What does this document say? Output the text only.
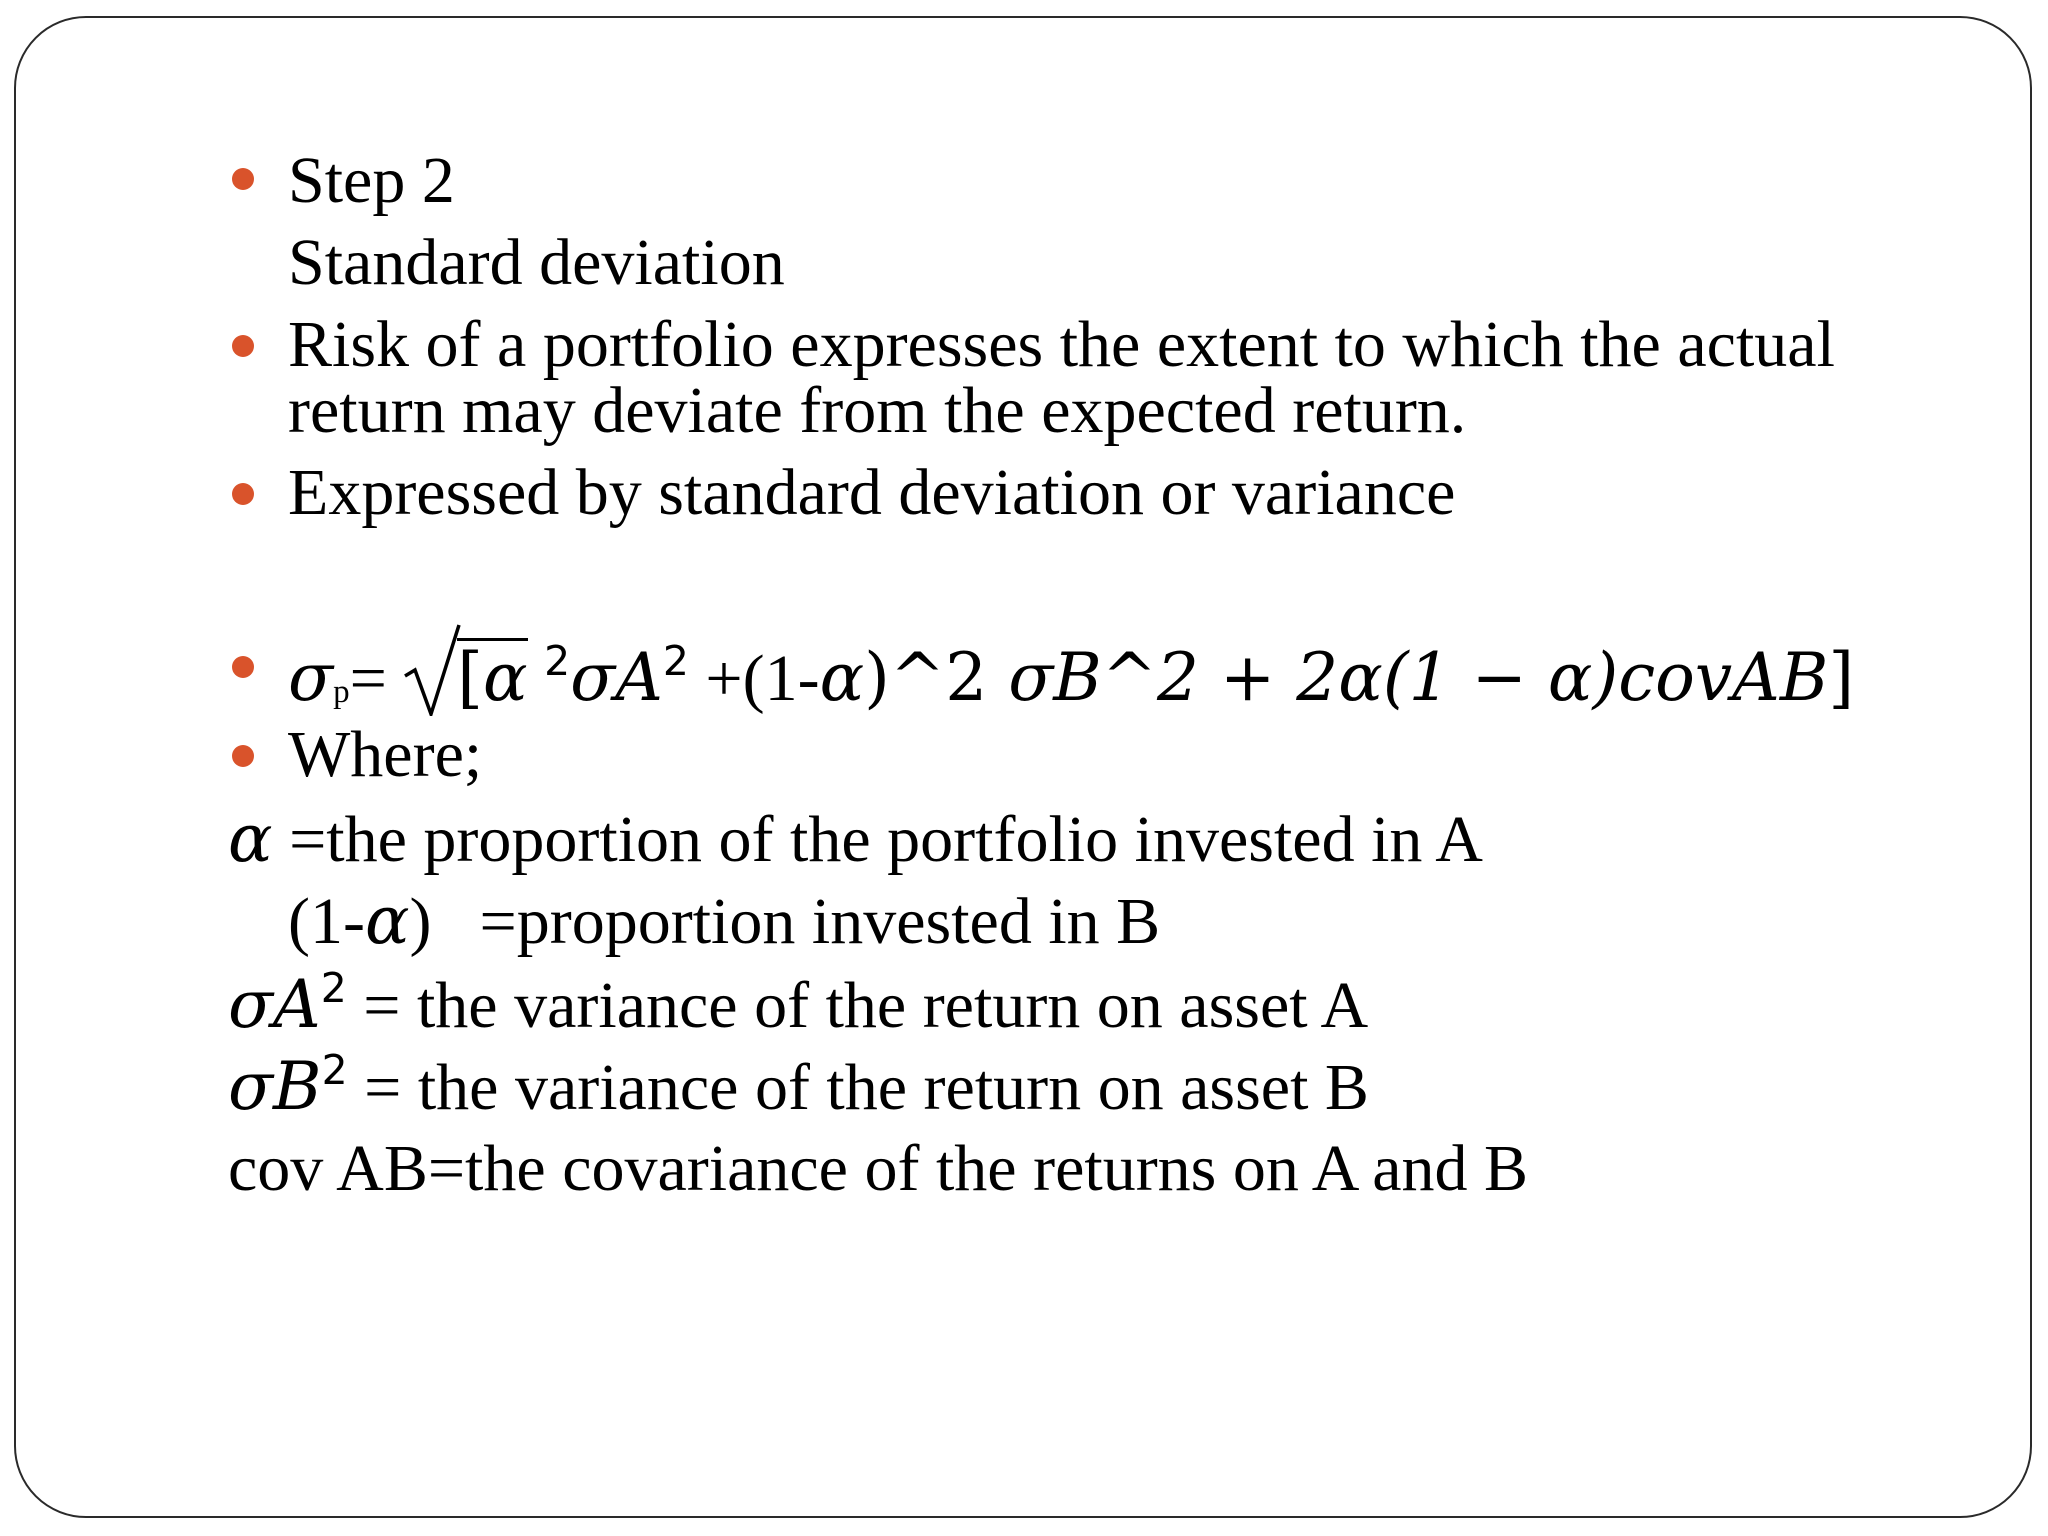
Step 2
Standard deviation
Risk of a portfolio expresses the extent to which the actual
return may deviate from the expected return.
Expressed by standard deviation or variance
σp= [α $^2\sigma A^2$ +(1-α)^2 σB^2 + 2α(1 − α)covAB]
Where;
α =the proportion of the portfolio invested in A
(1-α) =proportion invested in B
$\sigma A^2$ = the variance of the return on asset A
$\sigma B^2$ = the variance of the return on asset B
cov AB=the covariance of the returns on A and B
